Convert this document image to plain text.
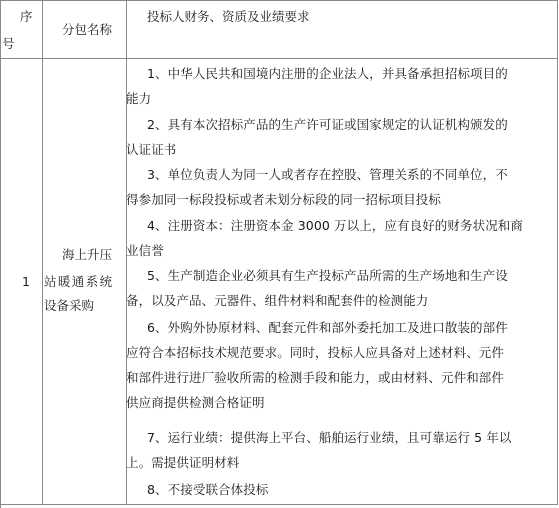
序
号
分包名称
投标人财务、资质及业绩要求
1
海上升压
站暖通系统
设备采购
1、中华人民共和国境内注册的企业法人，并具备承担招标项目的
能力
2、具有本次招标产品的生产许可证或国家规定的认证机构颁发的
认证证书
3、单位负责人为同一人或者存在控股、管理关系的不同单位，不
得参加同一标段投标或者未划分标段的同一招标项目投标
4、注册资本：注册资本金 3000 万以上，应有良好的财务状况和商
业信誉
5、生产制造企业必须具有生产投标产品所需的生产场地和生产设
备，以及产品、元器件、组件材料和配套件的检测能力
6、外购外协原材料、配套元件和部外委托加工及进口散装的部件
应符合本招标技术规范要求。同时，投标人应具备对上述材料、元件
和部件进行进厂验收所需的检测手段和能力，或由材料、元件和部件
供应商提供检测合格证明
7、运行业绩：提供海上平台、船舶运行业绩，且可靠运行 5 年以
上。需提供证明材料
8、不接受联合体投标
